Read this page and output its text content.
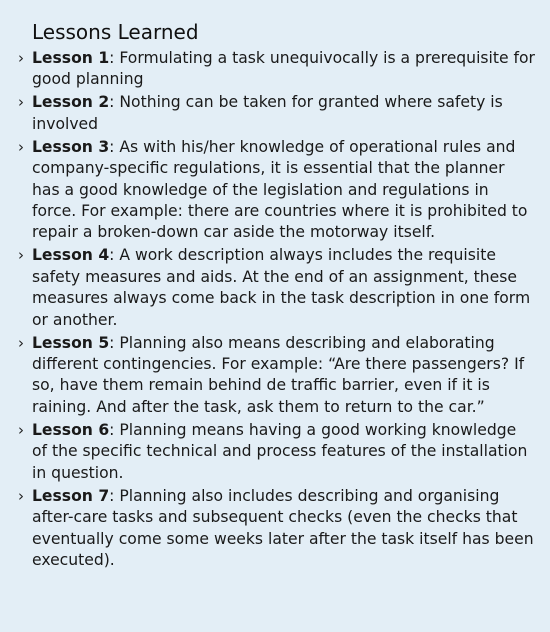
Lessons Learned
› Lesson 1: Formulating a task unequivocally is a prerequisite for good planning
› Lesson 2: Nothing can be taken for granted where safety is involved
› Lesson 3: As with his/her knowledge of operational rules and company-specific regulations, it is essential that the planner has a good knowledge of the legislation and regulations in force. For example: there are countries where it is prohibited to repair a broken-down car aside the motorway itself.
› Lesson 4: A work description always includes the requisite safety measures and aids. At the end of an assignment, these measures always come back in the task description in one form or another.
› Lesson 5: Planning also means describing and elaborating different contingencies. For example: “Are there passengers? If so, have them remain behind de traffic barrier, even if it is raining. And after the task, ask them to return to the car.”
› Lesson 6: Planning means having a good working knowledge of the specific technical and process features of the installation in question.
› Lesson 7: Planning also includes describing and organising after-care tasks and subsequent checks (even the checks that eventually come some weeks later after the task itself has been executed).
